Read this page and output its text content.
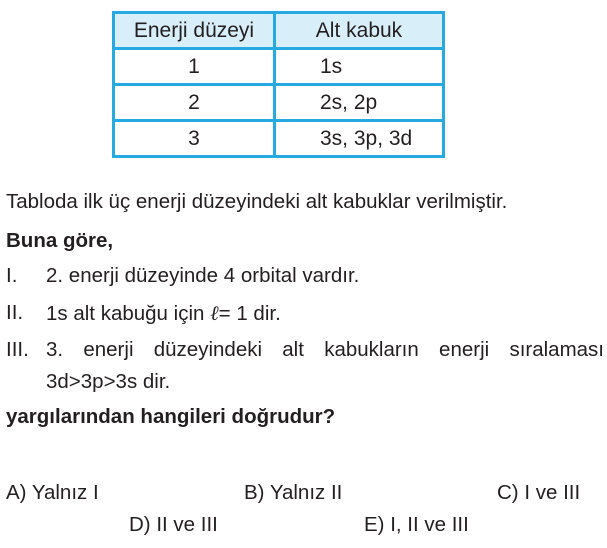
Enerji düzeyi	Alt kabuk
1	1s
2	2s, 2p
3	3s, 3p, 3d

Tabloda ilk üç enerji düzeyindeki alt kabuklar verilmiştir.

Buna göre,

I. 2. enerji düzeyinde 4 orbital vardır.
II. 1s alt kabuğu için ℓ= 1 dir.
III. 3. enerji düzeyindeki alt kabukların enerji sıralaması
3d>3p>3s dir.

yargılarından hangileri doğrudur?

A) Yalnız I	B) Yalnız II	C) I ve III
D) II ve III	E) I, II ve III
